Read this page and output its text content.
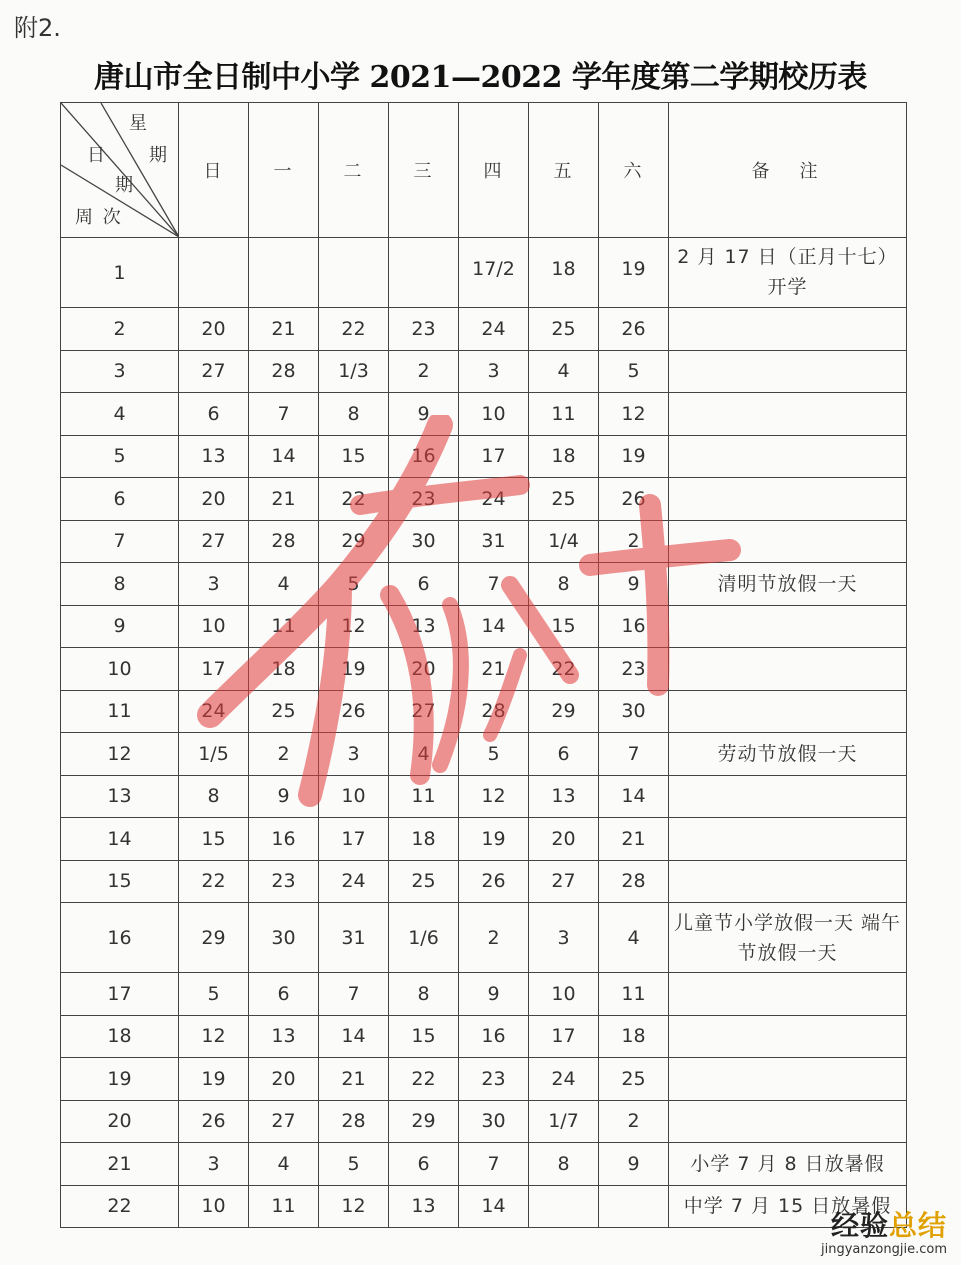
附2.
唐山市全日制中小学 2021—2022 学年度第二学期校历表
星
期
日
期
周 次	日	一	二	三	四	五	六	备　注
1					17/2	18	19	2 月 17 日（正月十七）开学
2	20	21	22	23	24	25	26	
3	27	28	1/3	2	3	4	5	
4	6	7	8	9	10	11	12	
5	13	14	15	16	17	18	19	
6	20	21	22	23	24	25	26	
7	27	28	29	30	31	1/4	2	
8	3	4	5	6	7	8	9	清明节放假一天
9	10	11	12	13	14	15	16	
10	17	18	19	20	21	22	23	
11	24	25	26	27	28	29	30	
12	1/5	2	3	4	5	6	7	劳动节放假一天
13	8	9	10	11	12	13	14	
14	15	16	17	18	19	20	21	
15	22	23	24	25	26	27	28	
16	29	30	31	1/6	2	3	4	儿童节小学放假一天 端午节放假一天
17	5	6	7	8	9	10	11	
18	12	13	14	15	16	17	18	
19	19	20	21	22	23	24	25	
20	26	27	28	29	30	1/7	2	
21	3	4	5	6	7	8	9	小学 7 月 8 日放暑假
22	10	11	12	13	14			中学 7 月 15 日放暑假
经验总结
jingyanzongjie.com
